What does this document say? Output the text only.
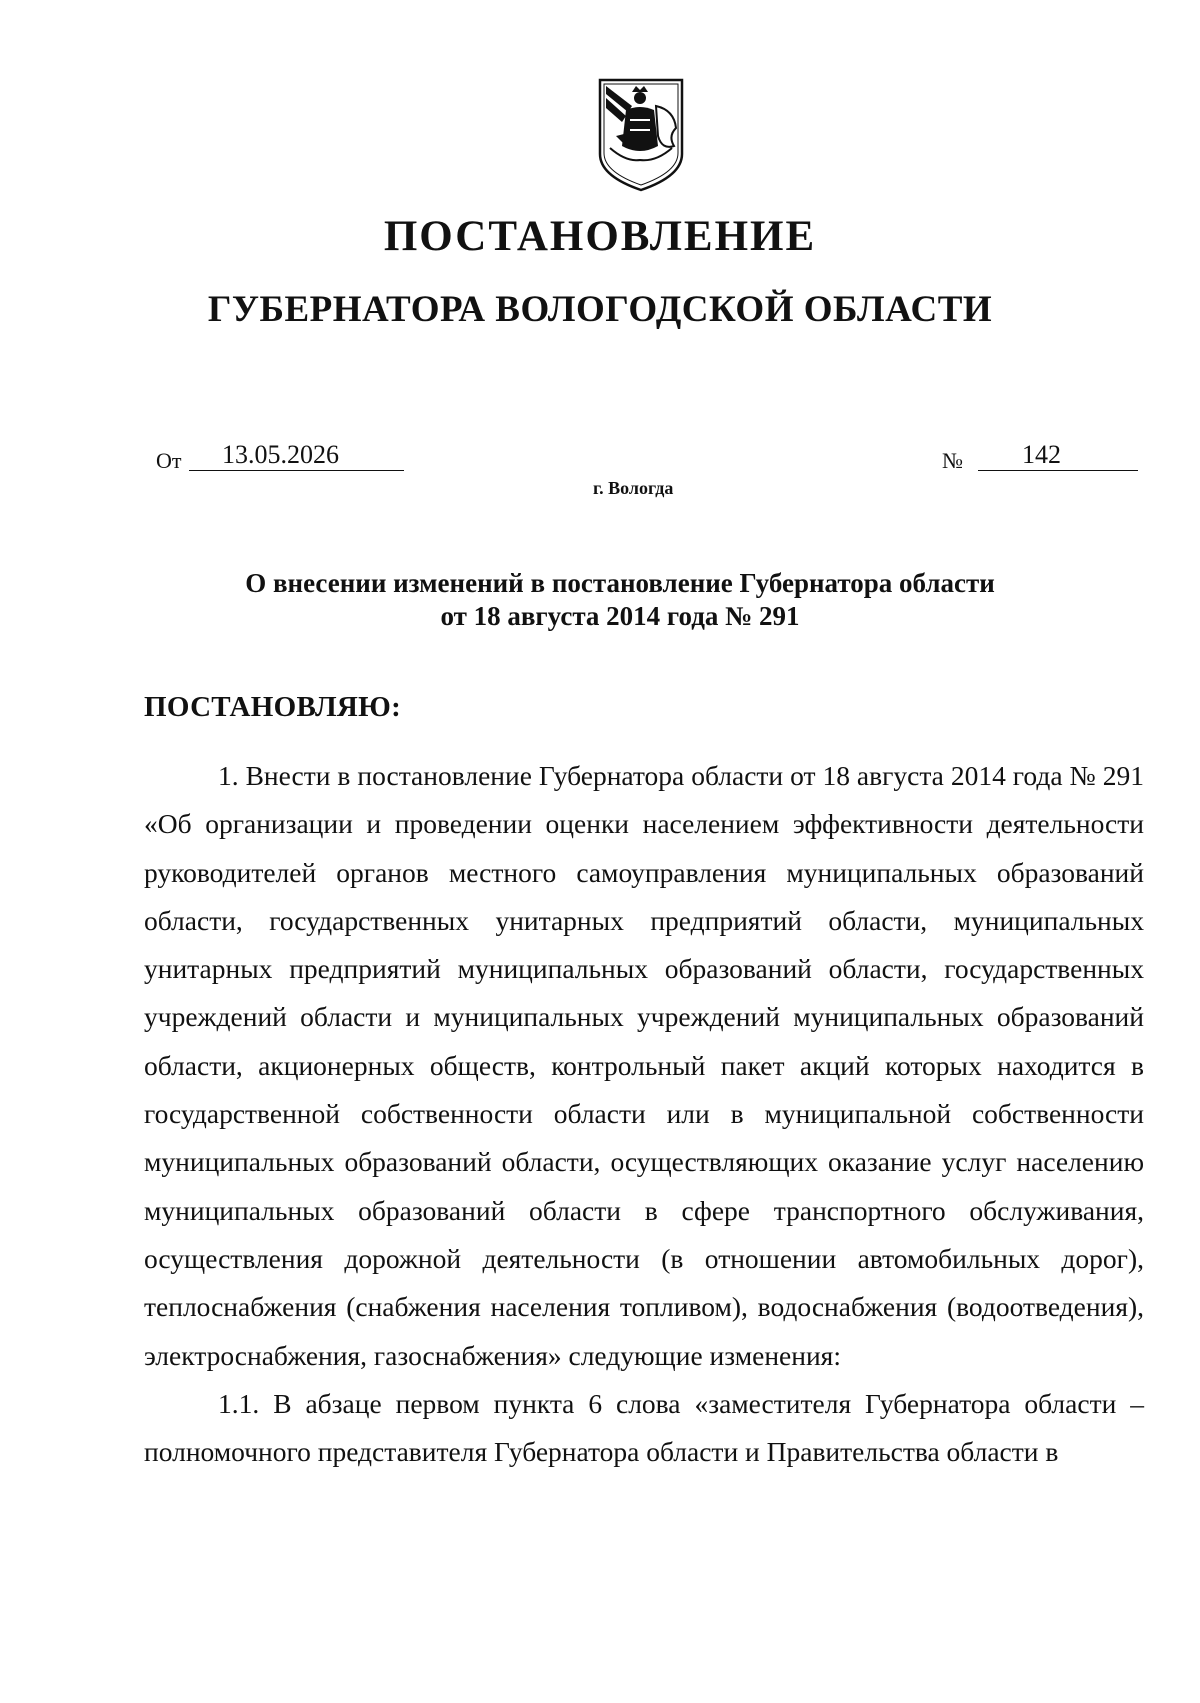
ПОСТАНОВЛЕНИЕ
ГУБЕРНАТОРА ВОЛОГОДСКОЙ ОБЛАСТИ
От 13.05.2026	№ 142
г. Вологда
О внесении изменений в постановление Губернатора области
от 18 августа 2014 года № 291

ПОСТАНОВЛЯЮ:

1. Внести в постановление Губернатора области от 18 августа 2014 года № 291 «Об организации и проведении оценки населением эффективности деятельности руководителей органов местного самоуправления муниципальных образований области, государственных унитарных предприятий области, муниципальных унитарных предприятий муниципальных образований области, государственных учреждений области и муниципальных учреждений муниципальных образований области, акционерных обществ, контрольный пакет акций которых находится в государственной собственности области или в муниципальной собственности муниципальных образований области, осуществляющих оказание услуг населению муниципальных образований области в сфере транспортного обслуживания, осуществления дорожной деятельности (в отношении автомобильных дорог), теплоснабжения (снабжения населения топливом), водоснабжения (водоотведения), электроснабжения, газоснабжения» следующие изменения:

1.1. В абзаце первом пункта 6 слова «заместителя Губернатора области – полномочного представителя Губернатора области и Правительства области в
